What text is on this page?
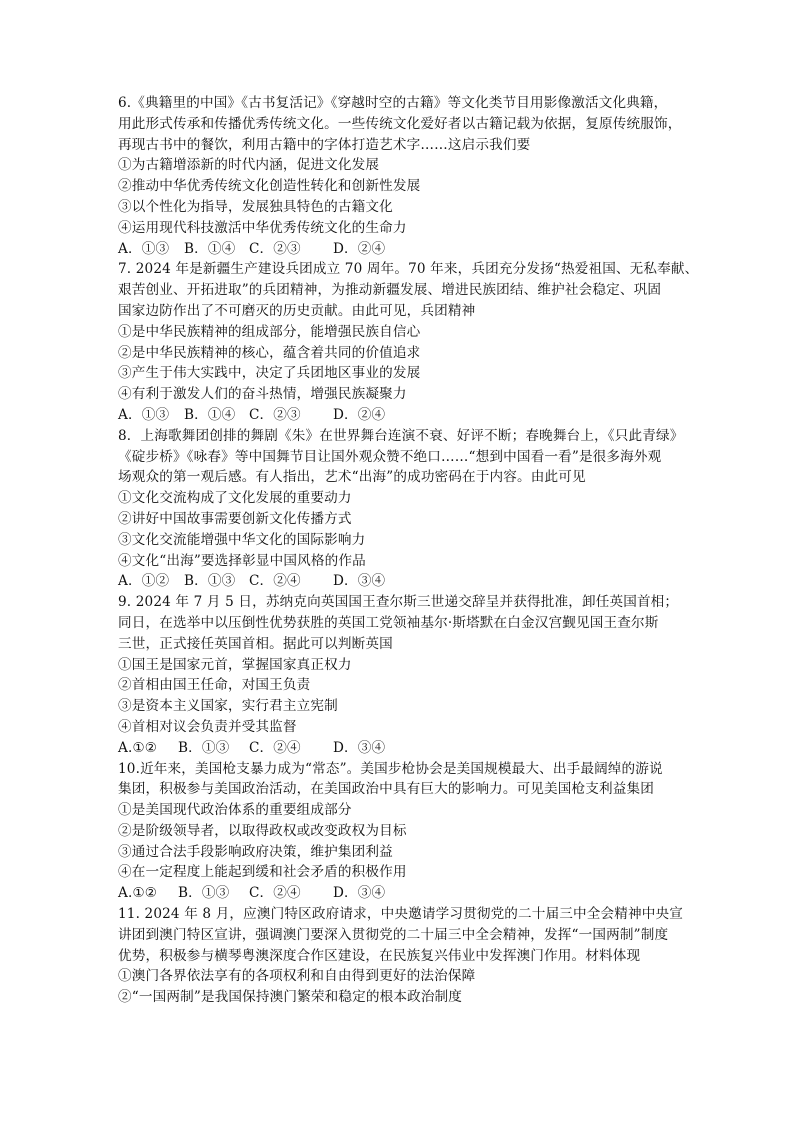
6.《典籍里的中国》《古书复活记》《穿越时空的古籍》等文化类节目用影像激活文化典籍，
用此形式传承和传播优秀传统文化。一些传统文化爱好者以古籍记载为依据，复原传统服饰，
再现古书中的餐饮，利用古籍中的字体打造艺术字……这启示我们要
①为古籍增添新的时代内涵，促进文化发展
②推动中华优秀传统文化创造性转化和创新性发展
③以个性化为指导，发展独具特色的古籍文化
④运用现代科技激活中华优秀传统文化的生命力
A．①③	B．①④	C．②③	D．②④
7. 2024 年是新疆生产建设兵团成立 70 周年。70 年来，兵团充分发扬“热爱祖国、无私奉献、
艰苦创业、开拓进取”的兵团精神，为推动新疆发展、增进民族团结、维护社会稳定、巩固
国家边防作出了不可磨灭的历史贡献。由此可见，兵团精神
①是中华民族精神的组成部分，能增强民族自信心
②是中华民族精神的核心，蕴含着共同的价值追求
③产生于伟大实践中，决定了兵团地区事业的发展
④有利于激发人们的奋斗热情，增强民族凝聚力
A．①③	B．①④	C．②③	D．②④
8．上海歌舞团创排的舞剧《朱》在世界舞台连演不衰、好评不断；春晚舞台上，《只此青绿》
《碇步桥》《咏春》等中国舞节目让国外观众赞不绝口……“想到中国看一看”是很多海外观
场观众的第一观后感。有人指出，艺术“出海”的成功密码在于内容。由此可见
①文化交流构成了文化发展的重要动力
②讲好中国故事需要创新文化传播方式
③文化交流能增强中华文化的国际影响力
④文化“出海”要选择彰显中国风格的作品
A．①②	B．①③	C．②④	D．③④
9. 2024 年 7 月 5 日，苏纳克向英国国王查尔斯三世递交辞呈并获得批准，卸任英国首相；
同日，在选举中以压倒性优势获胜的英国工党领袖基尔·斯塔默在白金汉宫觐见国王查尔斯
三世，正式接任英国首相。据此可以判断英国
①国王是国家元首，掌握国家真正权力
②首相由国王任命，对国王负责
③是资本主义国家，实行君主立宪制
④首相对议会负责并受其监督
A.①②	B．①③	C．②④	D．③④
10.近年来，美国枪支暴力成为“常态”。美国步枪协会是美国规模最大、出手最阔绰的游说
集团，积极参与美国政治活动，在美国政治中具有巨大的影响力。可见美国枪支利益集团
①是美国现代政治体系的重要组成部分
②是阶级领导者，以取得政权或改变政权为目标
③通过合法手段影响政府决策，维护集团利益
④在一定程度上能起到缓和社会矛盾的积极作用
A.①②	B．①③	C．②④	D．③④
11. 2024 年 8 月，应澳门特区政府请求，中央邀请学习贯彻党的二十届三中全会精神中央宣
讲团到澳门特区宣讲，强调澳门要深入贯彻党的二十届三中全会精神，发挥“一国两制”制度
优势，积极参与横琴粤澳深度合作区建设，在民族复兴伟业中发挥澳门作用。材料体现
①澳门各界依法享有的各项权利和自由得到更好的法治保障
②“一国两制”是我国保持澳门繁荣和稳定的根本政治制度
